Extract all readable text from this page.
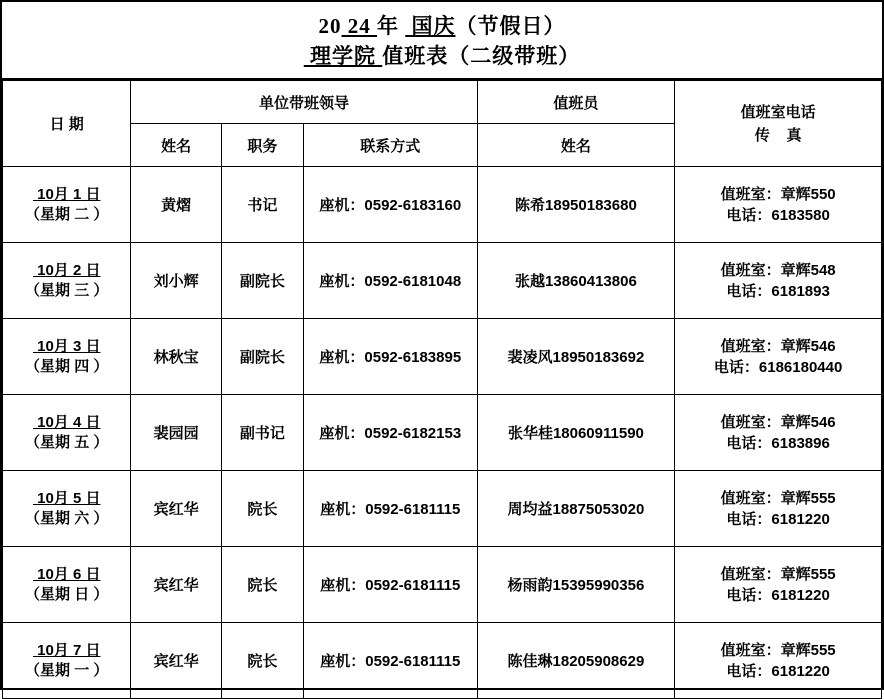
20 24 年  国庆（节假日）
理学院 值班表（二级带班）
日 期	单位带班领导			值班员	值班室电话
传    真

	姓名	职务	联系方式	姓名	

10月 1 日
（星期 二 ）	黄熠	书记	座机：0592-6183160	陈希18950183680	值班室：章辉550
电话：6183580

10月 2 日
（星期 三 ）	刘小辉	副院长	座机：0592-6181048	张越13860413806	值班室：章辉548
电话：6181893

10月 3 日
（星期 四 ）	林秋宝	副院长	座机：0592-6183895	裴凌风18950183692	值班室：章辉546
电话：6186180440

10月 4 日
（星期 五 ）	裴园园	副书记	座机：0592-6182153	张华桂18060911590	值班室：章辉546
电话：6183896

10月 5 日
（星期 六 ）	宾红华	院长	座机：0592-6181115	周均益18875053020	值班室：章辉555
电话：6181220

10月 6 日
（星期 日 ）	宾红华	院长	座机：0592-6181115	杨雨韵15395990356	值班室：章辉555
电话：6181220

10月 7 日
（星期 一 ）	宾红华	院长	座机：0592-6181115	陈佳琳18205908629	值班室：章辉555
电话：6181220
